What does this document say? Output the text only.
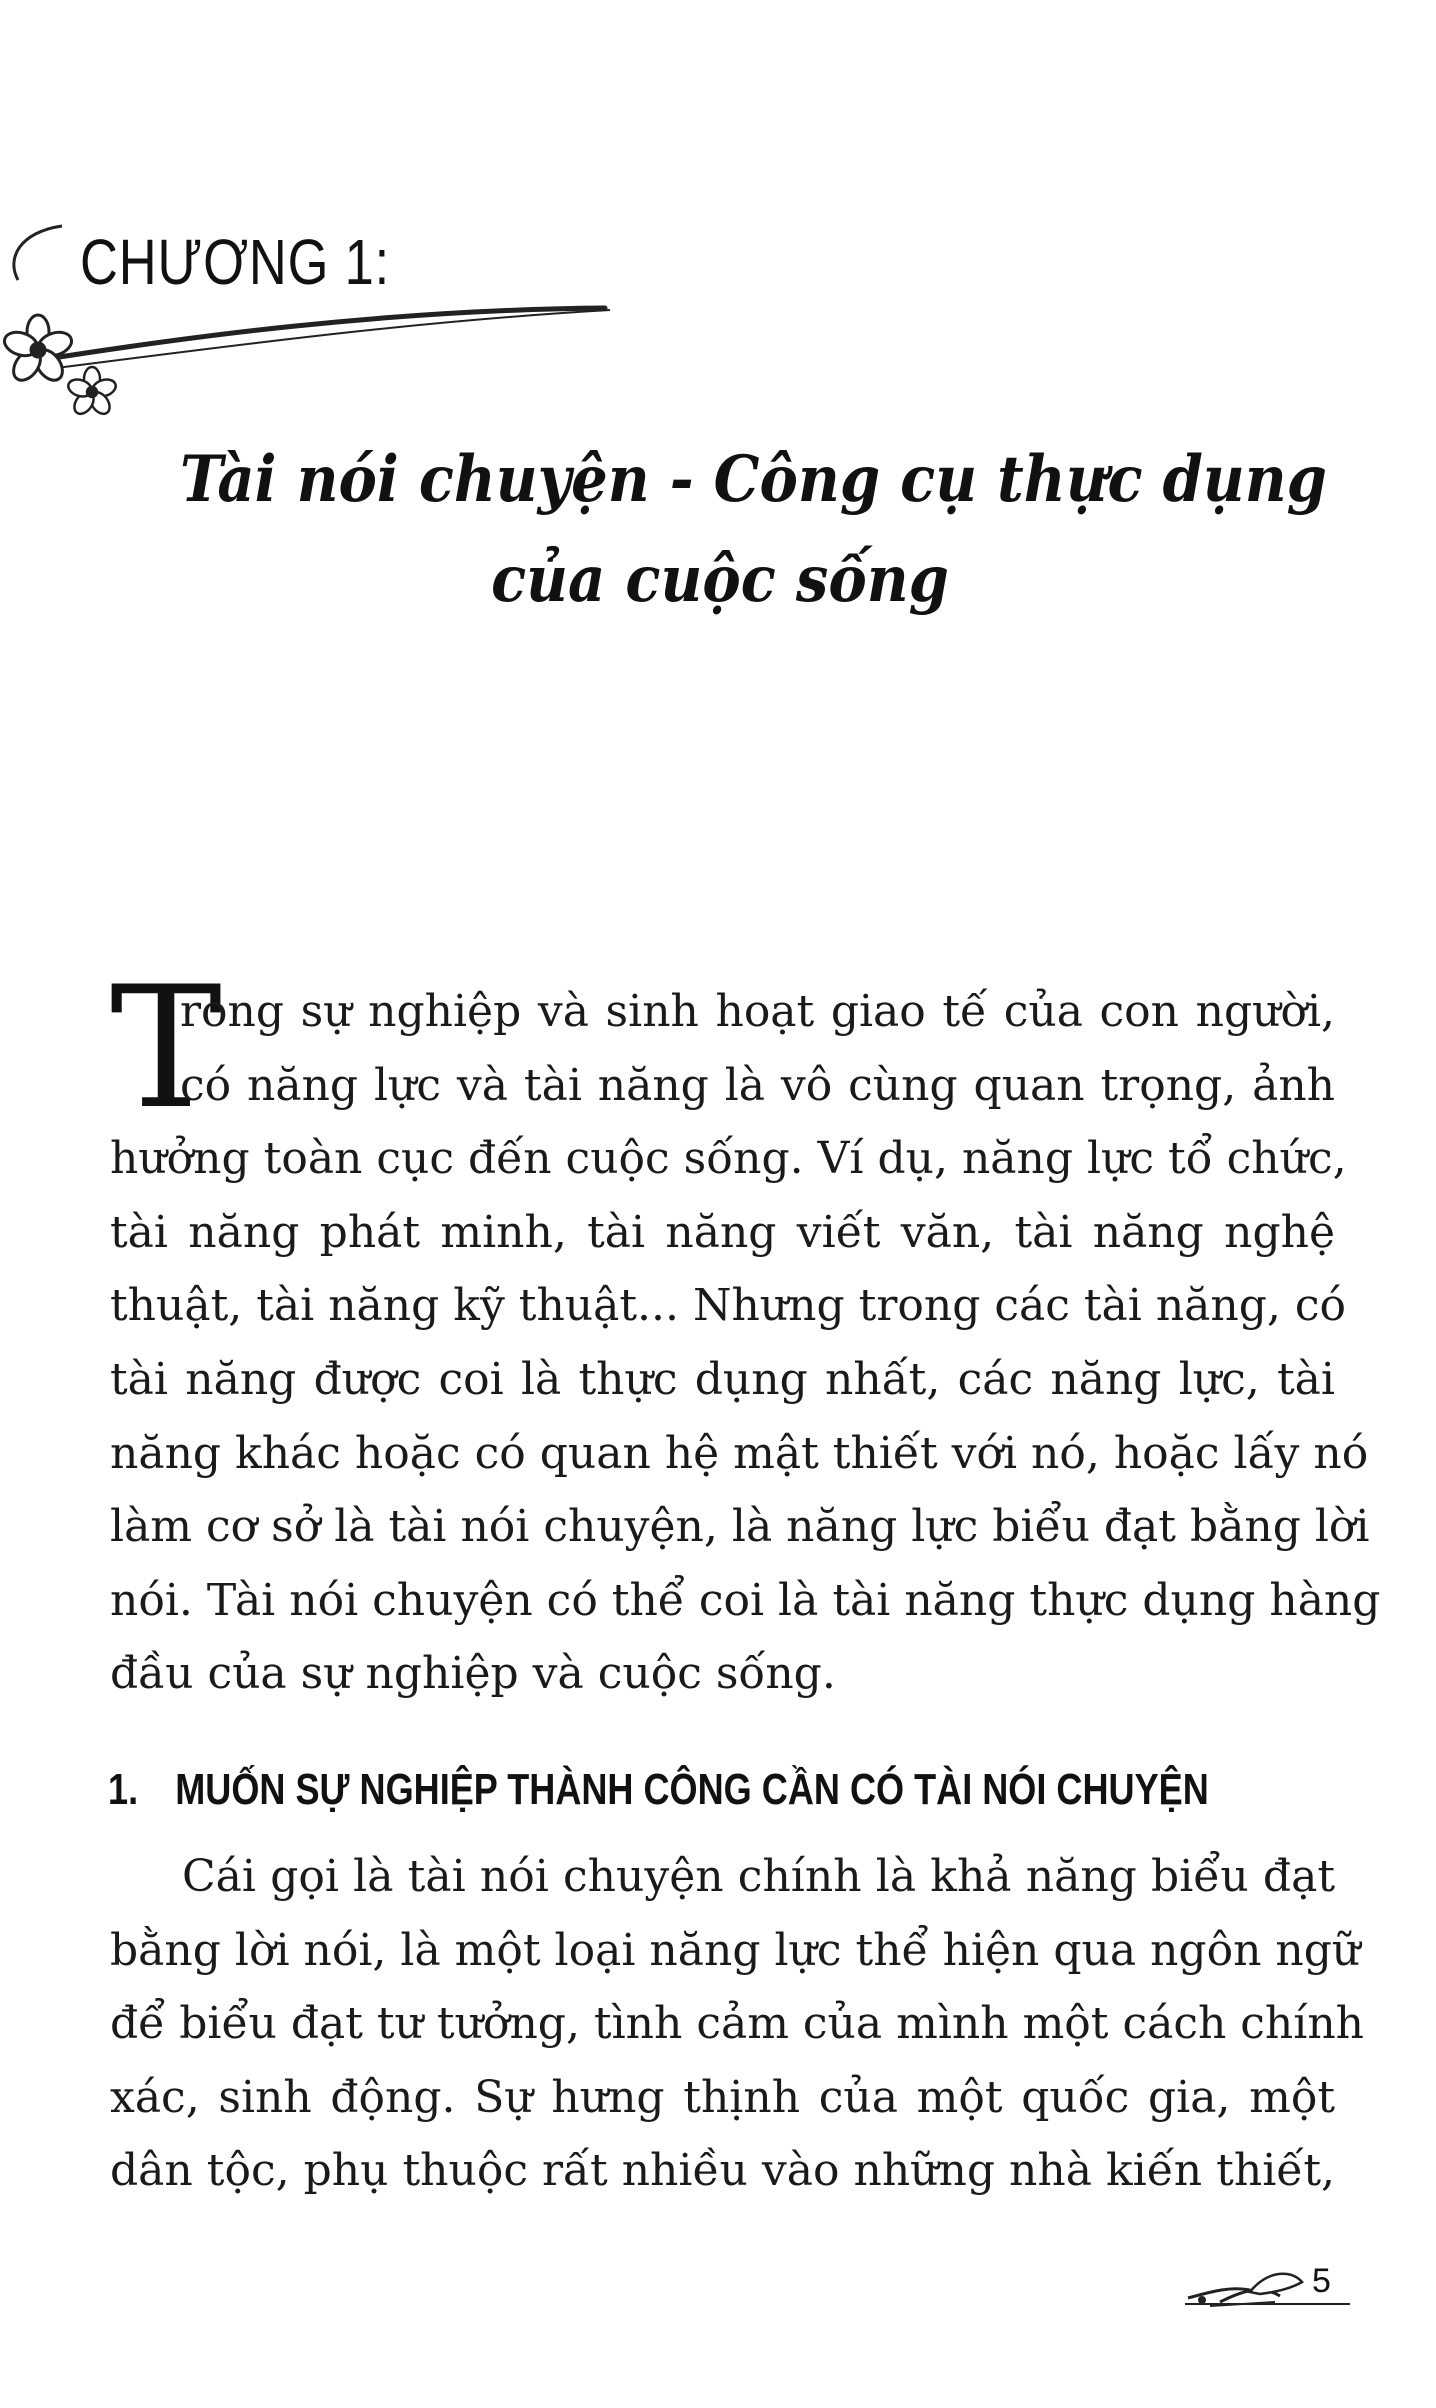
CHƯƠNG 1:
Tài nói chuyện - Công cụ thực dụng
của cuộc sống
T
rong sự nghiệp và sinh hoạt giao tế của con người,
có năng lực và tài năng là vô cùng quan trọng, ảnh
hưởng toàn cục đến cuộc sống. Ví dụ, năng lực tổ chức,
tài năng phát minh, tài năng viết văn, tài năng nghệ
thuật, tài năng kỹ thuật... Nhưng trong các tài năng, có
tài năng được coi là thực dụng nhất, các năng lực, tài
năng khác hoặc có quan hệ mật thiết với nó, hoặc lấy nó
làm cơ sở là tài nói chuyện, là năng lực biểu đạt bằng lời
nói. Tài nói chuyện có thể coi là tài năng thực dụng hàng
đầu của sự nghiệp và cuộc sống.
1. MUỐN SỰ NGHIỆP THÀNH CÔNG CẦN CÓ TÀI NÓI CHUYỆN
Cái gọi là tài nói chuyện chính là khả năng biểu đạt
bằng lời nói, là một loại năng lực thể hiện qua ngôn ngữ
để biểu đạt tư tưởng, tình cảm của mình một cách chính
xác, sinh động. Sự hưng thịnh của một quốc gia, một
dân tộc, phụ thuộc rất nhiều vào những nhà kiến thiết,
5
